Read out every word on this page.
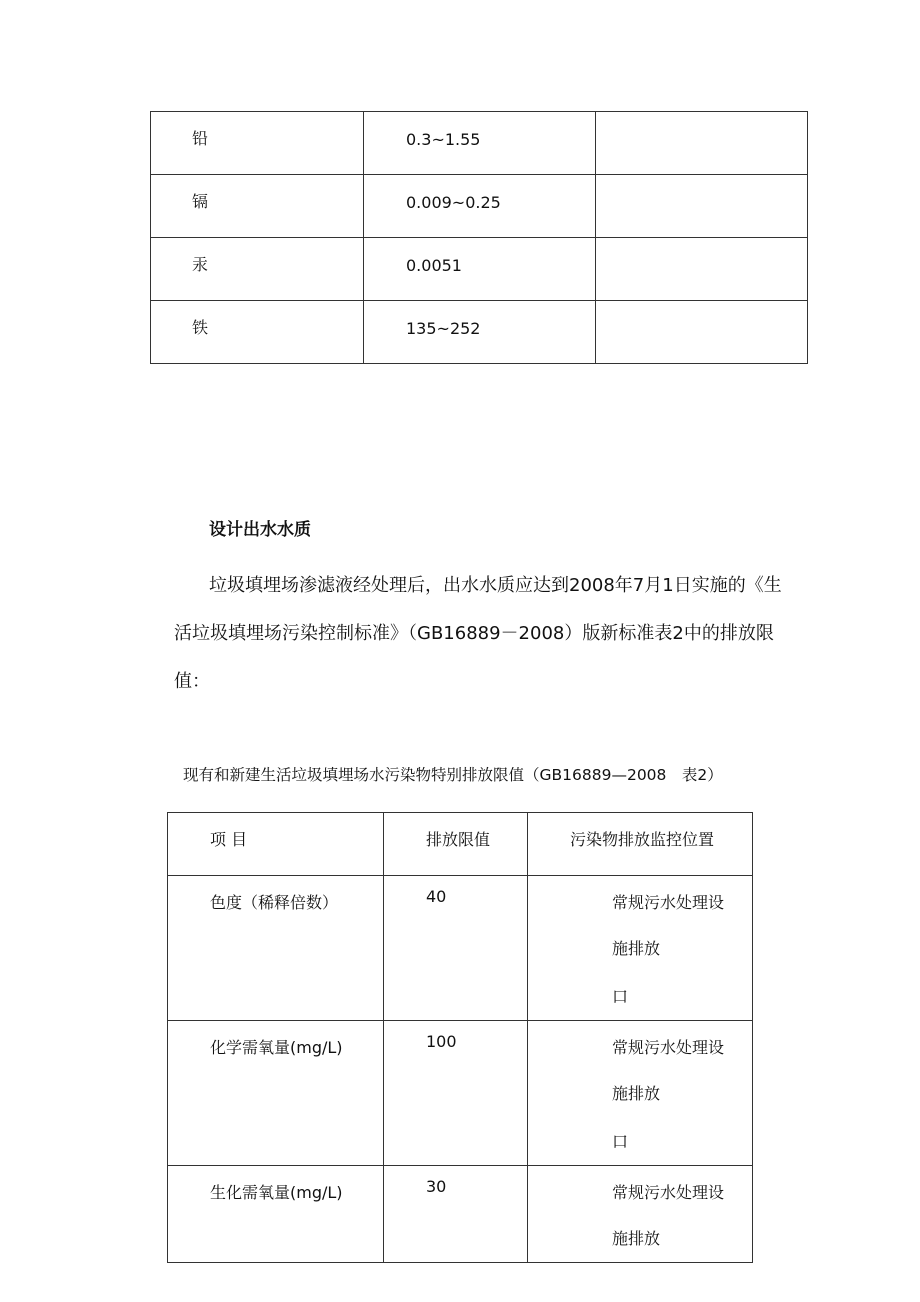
铅	0.3~1.55	

镉	0.009~0.25	

汞	0.0051	

铁	135~252	

设计出水水质

垃圾填埋场渗滤液经处理后，出水水质应达到2008年7月1日实施的《生活垃圾填埋场污染控制标准》（GB16889－2008）版新标准表2中的排放限值：

现有和新建生活垃圾填埋场水污染物特别排放限值（GB16889—2008　表2）
项 目	排放限值	污染物排放监控位置

色度（稀释倍数）	40	常规污水处理设施排放
口

化学需氧量(mg/L)	100	常规污水处理设施排放
口

生化需氧量(mg/L)	30	常规污水处理设施排放
